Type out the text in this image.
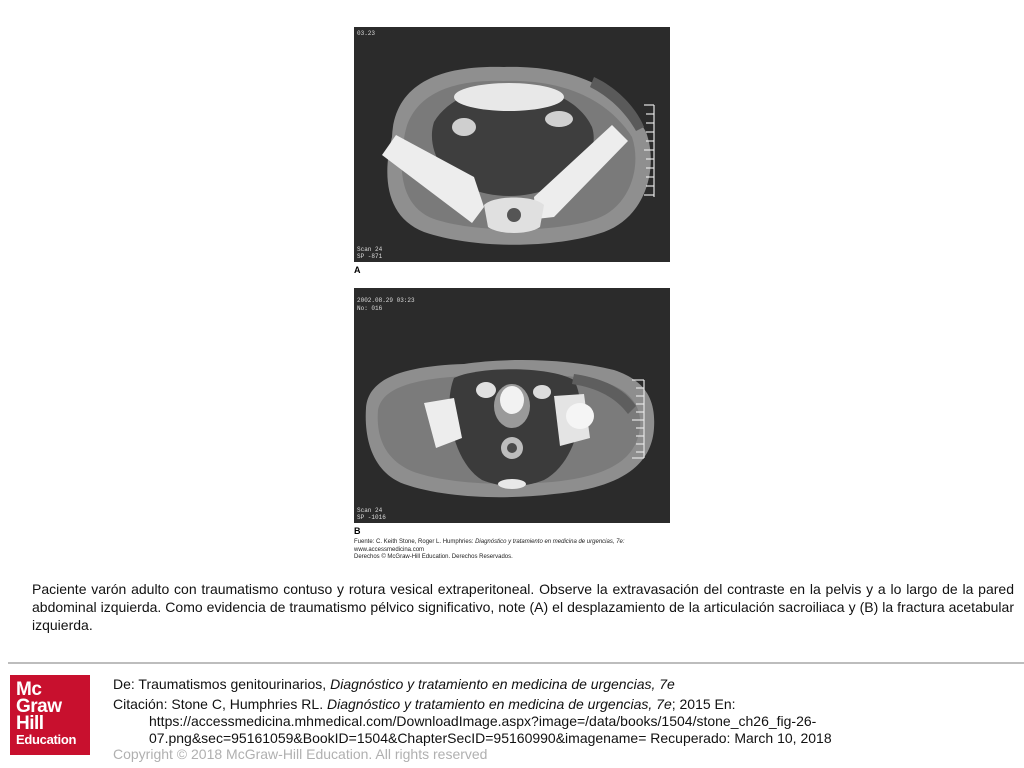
03.23
Scan 24
SP -871
A
2002.08.29 03:23
No: 016
Scan 24
SP -1016
B
Fuente: C. Keith Stone, Roger L. Humphries: Diagnóstico y tratamiento en medicina de urgencias, 7e:
www.accessmedicina.com
Derechos © McGraw-Hill Education. Derechos Reservados.
Paciente varón adulto con traumatismo contuso y rotura vesical extraperitoneal. Observe la extravasación del contraste en la pelvis y a lo largo de la pared abdominal izquierda. Como evidencia de traumatismo pélvico significativo, note (A) el desplazamiento de la articulación sacroiliaca y (B) la fractura acetabular izquierda.
Mc
Graw
Hill
Education
De: Traumatismos genitourinarios, Diagnóstico y tratamiento en medicina de urgencias, 7e
Citación: Stone C, Humphries RL. Diagnóstico y tratamiento en medicina de urgencias, 7e; 2015 En:
https://accessmedicina.mhmedical.com/DownloadImage.aspx?image=/data/books/1504/stone_ch26_fig-26-
07.png&sec=95161059&BookID=1504&ChapterSecID=95160990&imagename= Recuperado: March 10, 2018
Copyright © 2018 McGraw-Hill Education. All rights reserved
